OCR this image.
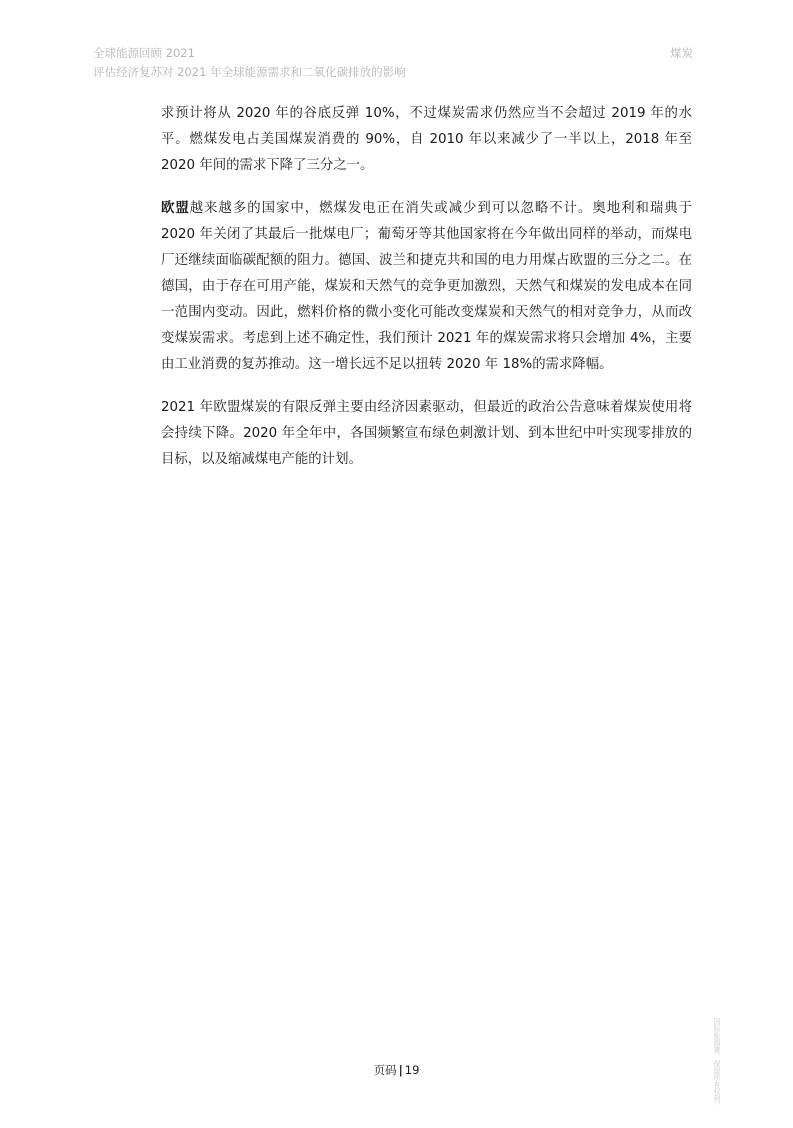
全球能源回顾 2021
评估经济复苏对 2021 年全球能源需求和二氧化碳排放的影响
煤炭

求预计将从 2020 年的谷底反弹 10%，不过煤炭需求仍然应当不会超过 2019 年的水平。燃煤发电占美国煤炭消费的 90%，自 2010 年以来减少了一半以上，2018 年至 2020 年间的需求下降了三分之一。

欧盟越来越多的国家中，燃煤发电正在消失或减少到可以忽略不计。奥地利和瑞典于 2020 年关闭了其最后一批煤电厂；葡萄牙等其他国家将在今年做出同样的举动，而煤电厂还继续面临碳配额的阻力。德国、波兰和捷克共和国的电力用煤占欧盟的三分之二。在德国，由于存在可用产能，煤炭和天然气的竞争更加激烈，天然气和煤炭的发电成本在同一范围内变动。因此，燃料价格的微小变化可能改变煤炭和天然气的相对竞争力，从而改变煤炭需求。考虑到上述不确定性，我们预计 2021 年的煤炭需求将只会增加 4%，主要由工业消费的复苏推动。这一增长远不足以扭转 2020 年 18%的需求降幅。

2021 年欧盟煤炭的有限反弹主要由经济因素驱动，但最近的政治公告意味着煤炭使用将会持续下降。2020 年全年中，各国频繁宣布绿色刺激计划、到本世纪中叶实现零排放的目标，以及缩减煤电产能的计划。

页码 | 19	国际能源署。保留所有权利。
